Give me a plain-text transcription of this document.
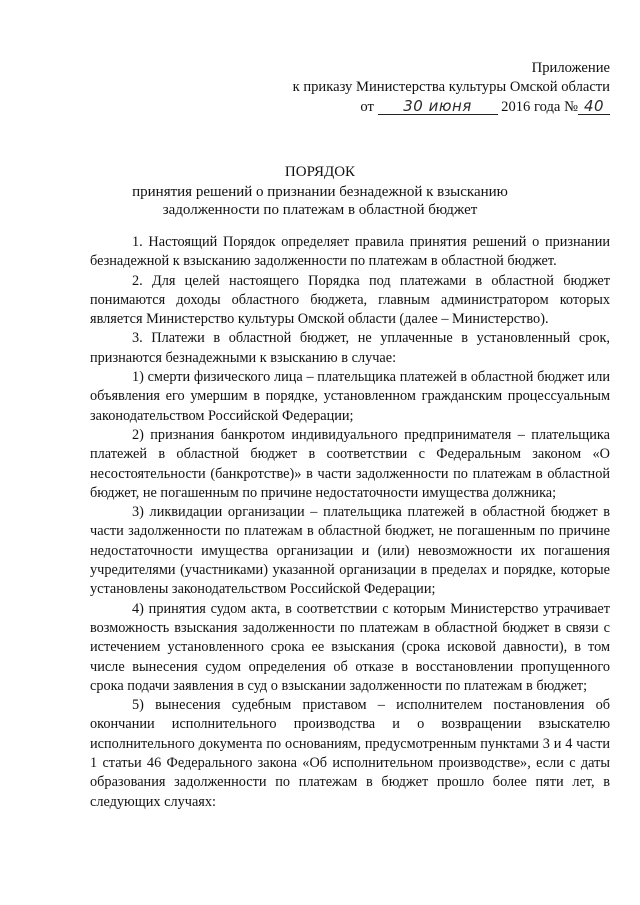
Приложение
к приказу Министерства культуры Омской области
от 30 июня 2016 года № 40
ПОРЯДОК
принятия решений о признании безнадежной к взысканию
задолженности по платежам в областной бюджет

1. Настоящий Порядок определяет правила принятия решений о признании безнадежной к взысканию задолженности по платежам в областной бюджет.

2. Для целей настоящего Порядка под платежами в областной бюджет понимаются доходы областного бюджета, главным администратором которых является Министерство культуры Омской области (далее – Министерство).

3. Платежи в областной бюджет, не уплаченные в установленный срок, признаются безнадежными к взысканию в случае:

1) смерти физического лица – плательщика платежей в областной бюджет или объявления его умершим в порядке, установленном гражданским процессуальным законодательством Российской Федерации;

2) признания банкротом индивидуального предпринимателя – плательщика платежей в областной бюджет в соответствии с Федеральным законом «О несостоятельности (банкротстве)» в части задолженности по платежам в областной бюджет, не погашенным по причине недостаточности имущества должника;

3) ликвидации организации – плательщика платежей в областной бюджет в части задолженности по платежам в областной бюджет, не погашенным по причине недостаточности имущества организации и (или) невозможности их погашения учредителями (участниками) указанной организации в пределах и порядке, которые установлены законодательством Российской Федерации;

4) принятия судом акта, в соответствии с которым Министерство утрачивает возможность взыскания задолженности по платежам в областной бюджет в связи с истечением установленного срока ее взыскания (срока исковой давности), в том числе вынесения судом определения об отказе в восстановлении пропущенного срока подачи заявления в суд о взыскании задолженности по платежам в бюджет;

5) вынесения судебным приставом – исполнителем постановления об окончании исполнительного производства и о возвращении взыскателю исполнительного документа по основаниям, предусмотренным пунктами 3 и 4 части 1 статьи 46 Федерального закона «Об исполнительном производстве», если с даты образования задолженности по платежам в бюджет прошло более пяти лет, в следующих случаях:
